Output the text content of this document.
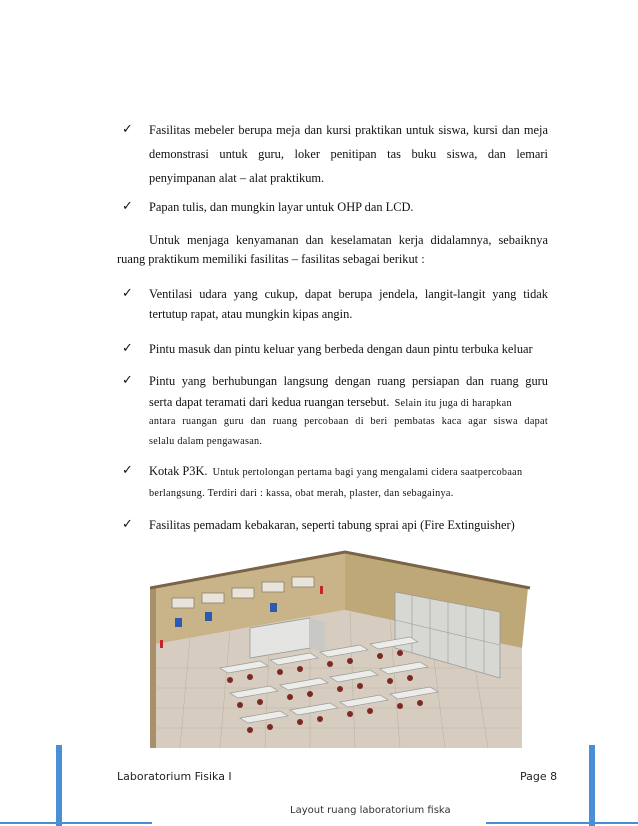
✓ Fasilitas mebeler berupa meja dan kursi praktikan untuk siswa, kursi dan meja
demonstrasi untuk guru, loker penitipan tas buku siswa, dan lemari
penyimpanan alat – alat praktikum.
✓ Papan tulis, dan mungkin layar untuk OHP dan LCD.
Untuk menjaga kenyamanan dan keselamatan kerja didalamnya, sebaiknya
ruang praktikum memiliki fasilitas – fasilitas sebagai berikut :
✓ Ventilasi udara yang cukup, dapat berupa jendela, langit-langit yang tidak
tertutup rapat, atau mungkin kipas angin.
✓ Pintu masuk dan pintu keluar yang berbeda dengan daun pintu terbuka keluar
✓ Pintu yang berhubungan langsung dengan ruang persiapan dan ruang guru
serta dapat teramati dari kedua ruangan tersebut. Selain itu juga di harapkan
antara ruangan guru dan ruang percobaan di beri pembatas kaca agar siswa dapat
selalu dalam pengawasan.
✓ Kotak P3K. Untuk pertolongan pertama bagi yang mengalami cidera saatpercobaan
berlangsung. Terdiri dari : kassa, obat merah, plaster, dan sebagainya.
✓ Fasilitas pemadam kebakaran, seperti tabung sprai api (Fire Extinguisher)
Layout ruang laboratorium fiska
Laboratorium Fisika I	Page 8
